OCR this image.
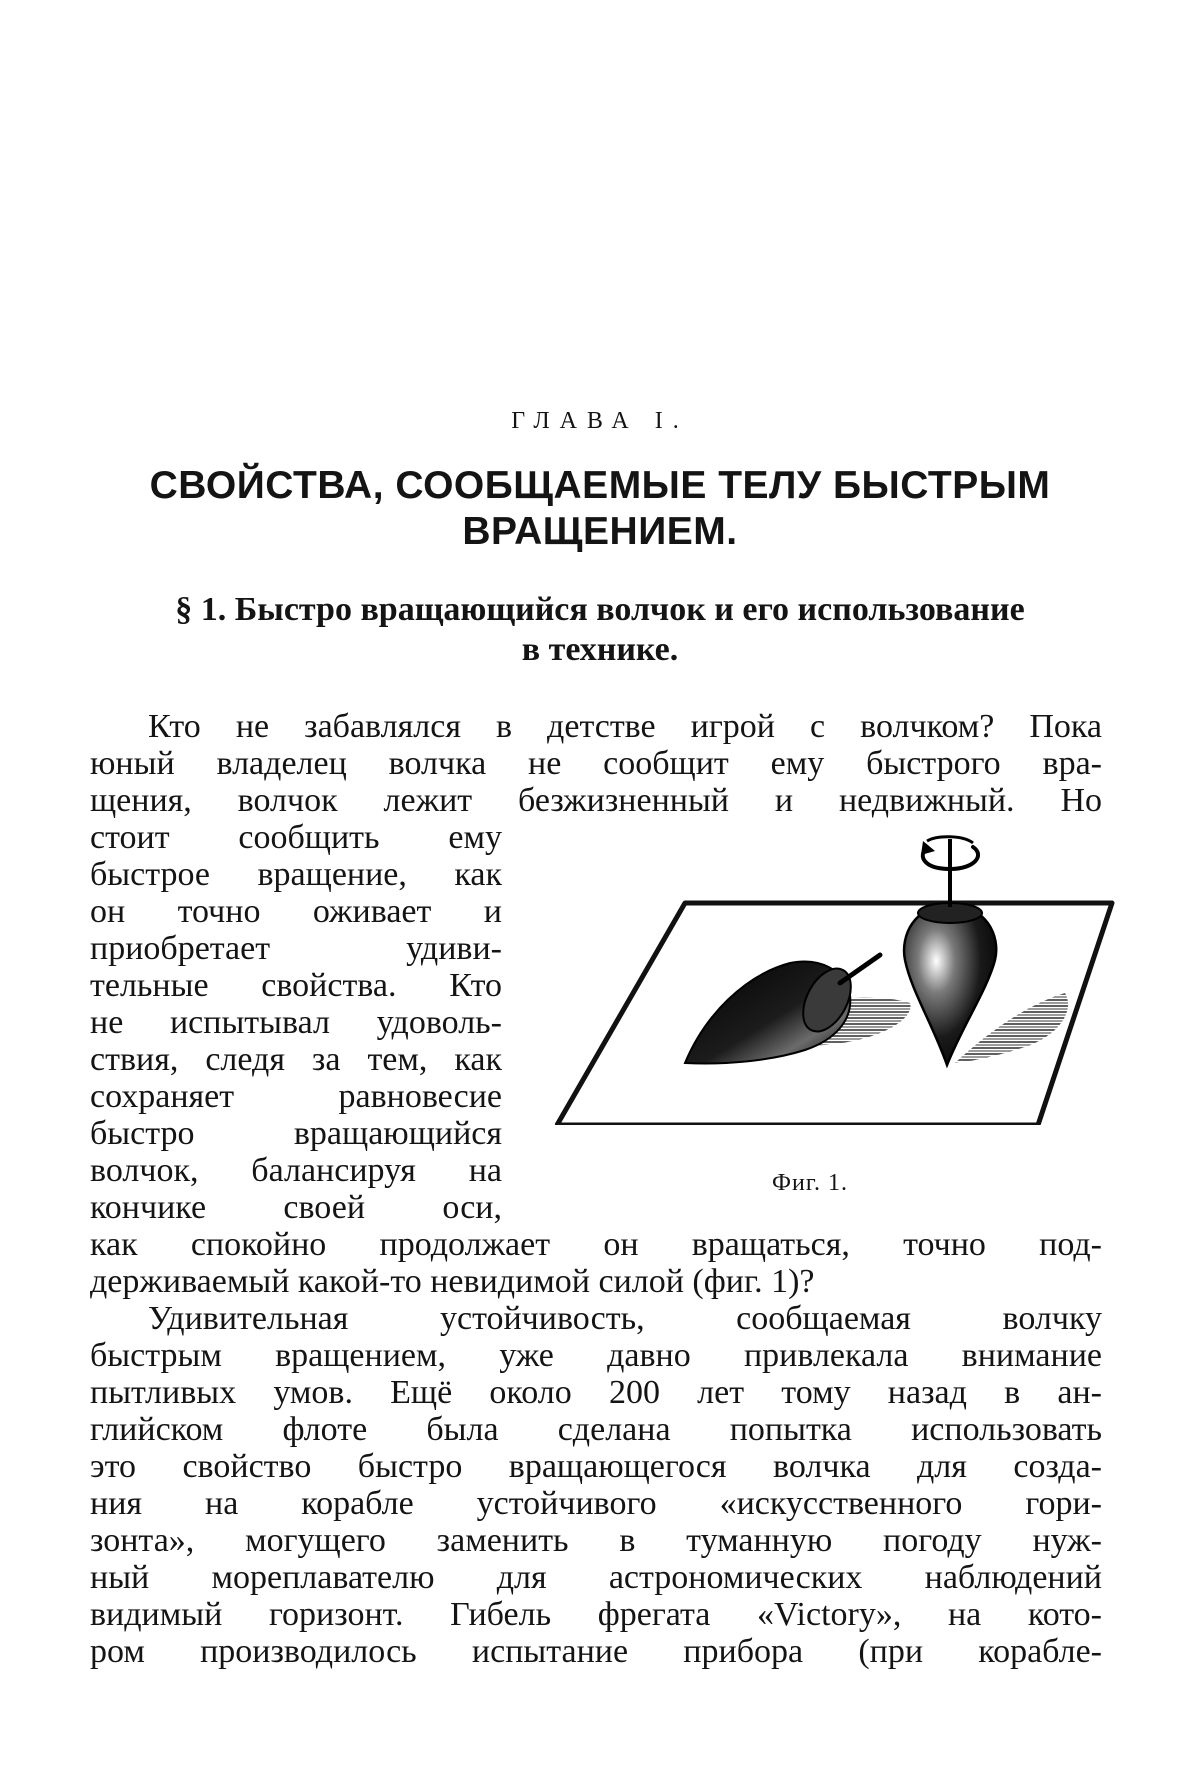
ГЛАВА I.
СВОЙСТВА, СООБЩАЕМЫЕ ТЕЛУ БЫСТРЫМ
ВРАЩЕНИЕМ.
§ 1. Быстро вращающийся волчок и его использование
в технике.
Кто не забавлялся в детстве игрой с волчком? Пока
юный владелец волчка не сообщит ему быстрого вра-
щения, волчок лежит безжизненный и недвижный. Но
стоит сообщить ему
быстрое вращение, как
он точно оживает и
приобретает удиви-
тельные свойства. Кто
не испытывал удоволь-
ствия, следя за тем, как
сохраняет равновесие
быстро вращающийся
волчок, балансируя на
кончике своей оси,
как спокойно продолжает он вращаться, точно под-
держиваемый какой-то невидимой силой (фиг. 1)?
Удивительная устойчивость, сообщаемая волчку
быстрым вращением, уже давно привлекала внимание
пытливых умов. Ещё около 200 лет тому назад в ан-
глийском флоте была сделана попытка использовать
это свойство быстро вращающегося волчка для созда-
ния на корабле устойчивого «искусственного гори-
зонта», могущего заменить в туманную погоду нуж-
ный мореплавателю для астрономических наблюдений
видимый горизонт. Гибель фрегата «Victory», на кото-
ром производилось испытание прибора (при корабле-
Фиг. 1.
